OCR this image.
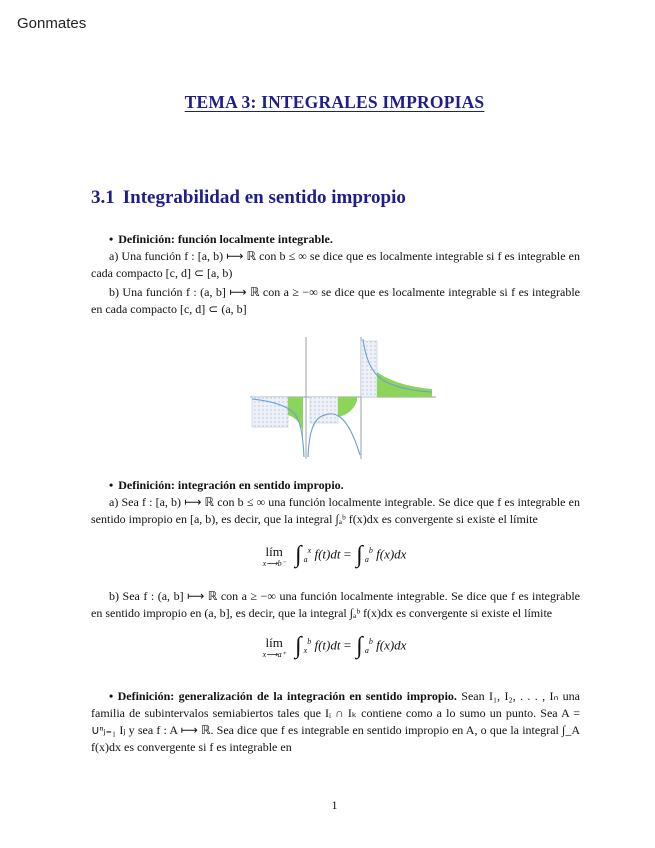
Gonmates
TEMA 3: INTEGRALES IMPROPIAS
3.1 Integrabilidad en sentido impropio
• Definición: función localmente integrable.
a) Una función f : [a, b) ⟼ ℝ con b ≤ ∞ se dice que es localmente integrable si f es integrable en cada compacto [c, d] ⊂ [a, b)
b) Una función f : (a, b] ⟼ ℝ con a ≥ −∞ se dice que es localmente integrable si f es integrable en cada compacto [c, d] ⊂ (a, b]
• Definición: integración en sentido impropio.
a) Sea f : [a, b) ⟼ ℝ con b ≤ ∞ una función localmente integrable. Se dice que f es integrable en sentido impropio en [a, b), es decir, que la integral ∫ₐᵇ f(x)dx es convergente si existe el límite
lím
x⟶b⁻ ∫ $_a^x$ f(t)dt = ∫ $_a^b$ f(x)dx
b) Sea f : (a, b] ⟼ ℝ con a ≥ −∞ una función localmente integrable. Se dice que f es integrable en sentido impropio en (a, b], es decir, que la integral ∫ₐᵇ f(x)dx es convergente si existe el límite
lím
x⟶a⁺ ∫ $_x^b$ f(t)dt = ∫ $_a^b$ f(x)dx
• Definición: generalización de la integración en sentido impropio. Sean I₁, I₂, . . . , Iₙ una familia de subintervalos semiabiertos tales que Iᵢ ∩ Iₖ contiene como a lo sumo un punto. Sea A = ∪ⁿⱼ₌₁ Iⱼ y sea f : A ⟼ ℝ. Sea dice que f es integrable en sentido impropio en A, o que la integral ∫_A f(x)dx es convergente si f es integrable en
1
